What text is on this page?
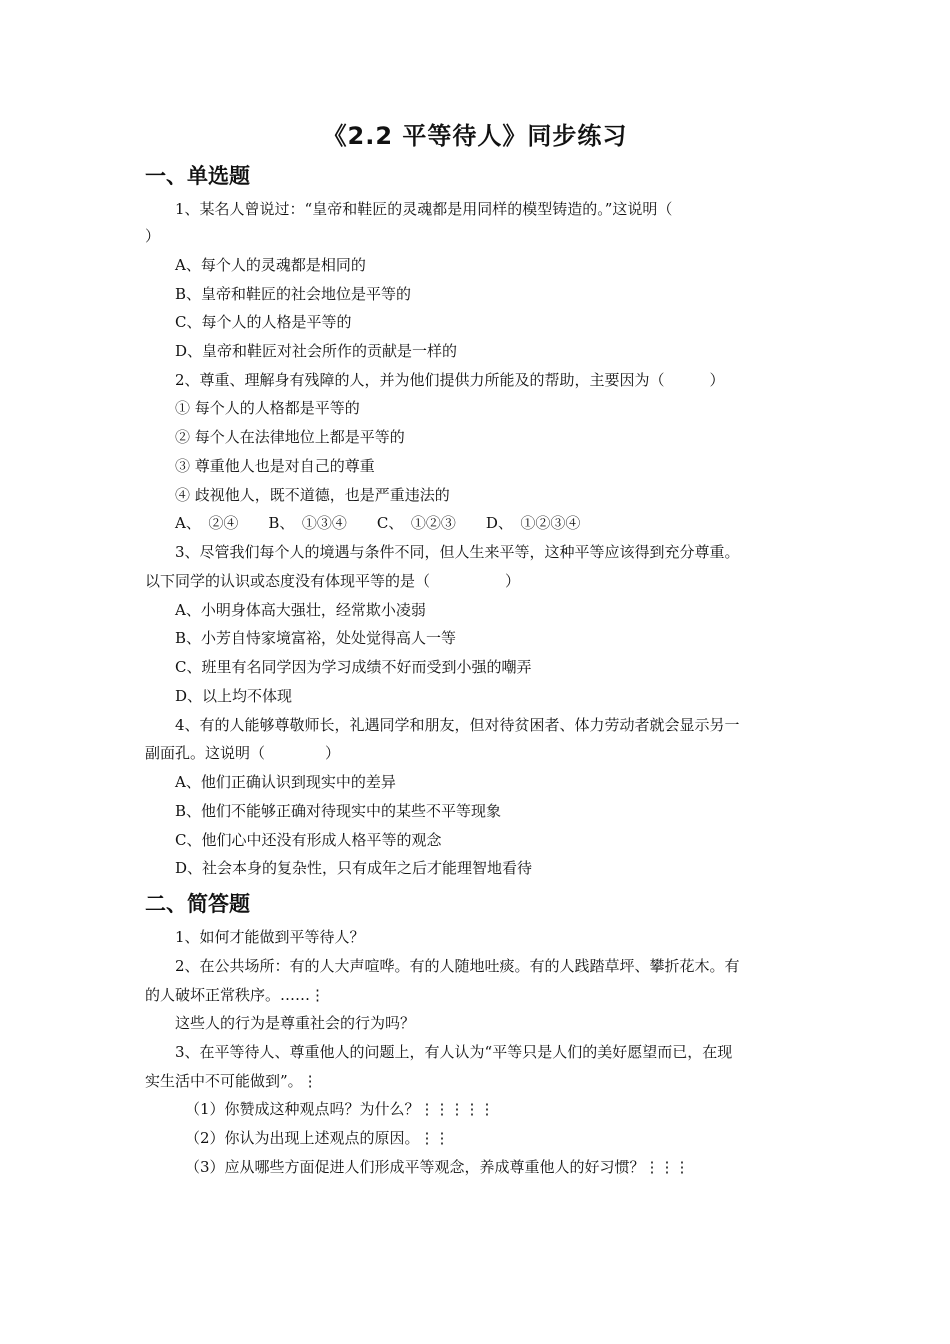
《2.2 平等待人》同步练习
一、单选题
1、某名人曾说过：“皇帝和鞋匠的灵魂都是用同样的模型铸造的。”这说明（
）
A、每个人的灵魂都是相同的
B、皇帝和鞋匠的社会地位是平等的
C、每个人的人格是平等的
D、皇帝和鞋匠对社会所作的贡献是一样的
2、尊重、理解身有残障的人，并为他们提供力所能及的帮助，主要因为（　　　）
① 每个人的人格都是平等的
② 每个人在法律地位上都是平等的
③ 尊重他人也是对自己的尊重
④ 歧视他人，既不道德，也是严重违法的
A、　②④　　B、　①③④　　C、　①②③　　D、　①②③④
3、尽管我们每个人的境遇与条件不同，但人生来平等，这种平等应该得到充分尊重。
以下同学的认识或态度没有体现平等的是（　　　　　）
A、小明身体高大强壮，经常欺小凌弱
B、小芳自恃家境富裕，处处觉得高人一等
C、班里有名同学因为学习成绩不好而受到小强的嘲弄
D、以上均不体现
4、有的人能够尊敬师长，礼遇同学和朋友，但对待贫困者、体力劳动者就会显示另一
副面孔。这说明（　　　　）
A、他们正确认识到现实中的差异
B、他们不能够正确对待现实中的某些不平等现象
C、他们心中还没有形成人格平等的观念
D、社会本身的复杂性，只有成年之后才能理智地看待
二、简答题
1、如何才能做到平等待人？
2、在公共场所：有的人大声喧哗。有的人随地吐痰。有的人践踏草坪、攀折花木。有
的人破坏正常秩序。……⋮
这些人的行为是尊重社会的行为吗？
3、在平等待人、尊重他人的问题上，有人认为“平等只是人们的美好愿望而已，在现
实生活中不可能做到”。⋮
（1）你赞成这种观点吗？为什么？⋮⋮⋮⋮⋮
（2）你认为出现上述观点的原因。⋮⋮
（3）应从哪些方面促进人们形成平等观念，养成尊重他人的好习惯？⋮⋮⋮
